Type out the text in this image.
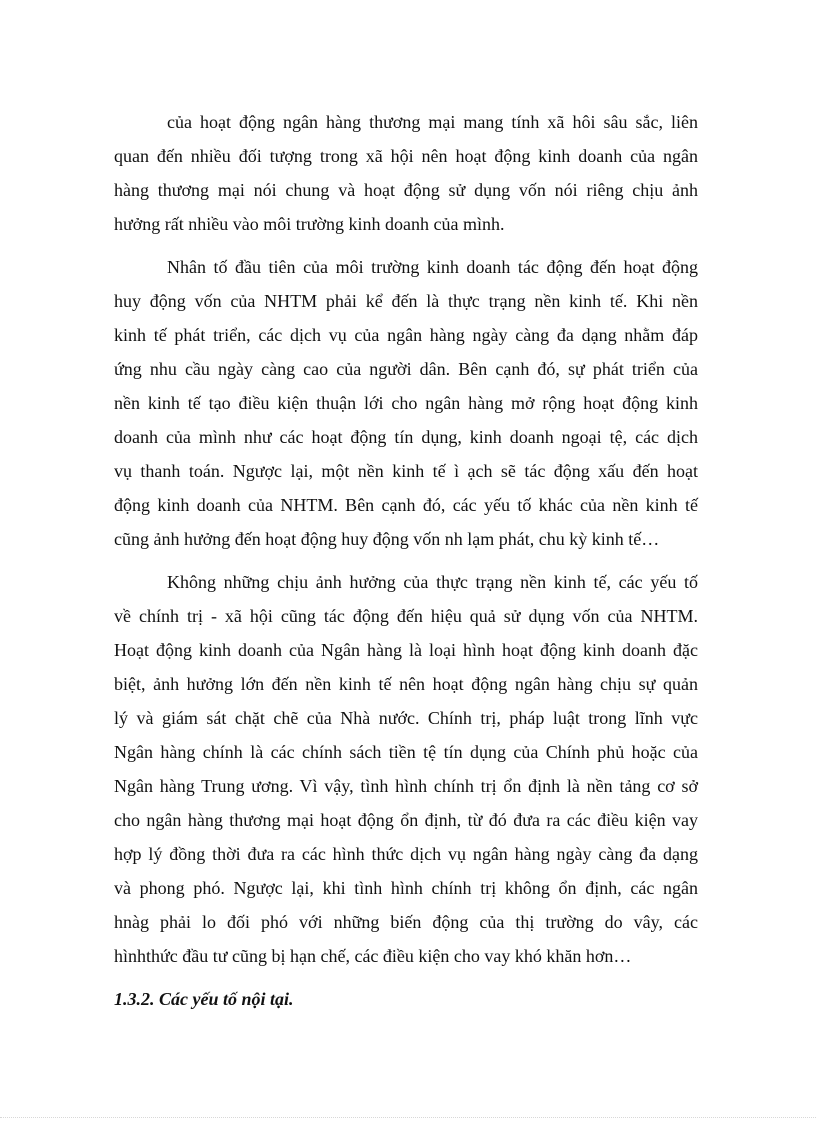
của hoạt động ngân hàng thương mại mang tính xã hôi sâu sắc, liên
quan đến nhiều đối tượng trong xã hội nên hoạt động kinh doanh của ngân
hàng thương mại nói chung và hoạt động sử dụng vốn nói riêng chịu ảnh
hưởng rất nhiều vào môi trường kinh doanh của mình.
Nhân tố đầu tiên của môi trường kinh doanh tác động đến hoạt động
huy động vốn của NHTM phải kể đến là thực trạng nền kinh tế. Khi nền
kinh tế phát triển, các dịch vụ của ngân hàng ngày càng đa dạng nhằm đáp
ứng nhu cầu ngày càng cao của người dân. Bên cạnh đó, sự phát triển của
nền kinh tế tạo điều kiện thuận lới cho ngân hàng mở rộng hoạt động kinh
doanh của mình như các hoạt động tín dụng, kinh doanh ngoại tệ, các dịch
vụ thanh toán. Ngược lại, một nền kinh tế ì ạch sẽ tác động xấu đến hoạt
động kinh doanh của NHTM. Bên cạnh đó, các yếu tố khác của nền kinh tế
cũng ảnh hưởng đến hoạt động huy động vốn nh lạm phát, chu kỳ kinh tế…
Không những chịu ảnh hưởng của thực trạng nền kinh tế, các yếu tố
về chính trị - xã hội cũng tác động đến hiệu quả sử dụng vốn của NHTM.
Hoạt động kinh doanh của Ngân hàng là loại hình hoạt động kinh doanh đặc
biệt, ảnh hưởng lớn đến nền kinh tế nên hoạt động ngân hàng chịu sự quản
lý và giám sát chặt chẽ của Nhà nước. Chính trị, pháp luật trong lĩnh vực
Ngân hàng chính là các chính sách tiền tệ tín dụng của Chính phủ hoặc của
Ngân hàng Trung ương. Vì vậy, tình hình chính trị ổn định là nền tảng cơ sở
cho ngân hàng thương mại hoạt động ổn định, từ đó đưa ra các điều kiện vay
hợp lý đồng thời đưa ra các hình thức dịch vụ ngân hàng ngày càng đa dạng
và phong phó. Ngược lại, khi tình hình chính trị không ổn định, các ngân
hnàg phải lo đối phó với những biến động của thị trường do vây, các
hìnhthức đầu tư cũng bị hạn chế, các điều kiện cho vay khó khăn hơn…
1.3.2. Các yếu tố nội tại.
